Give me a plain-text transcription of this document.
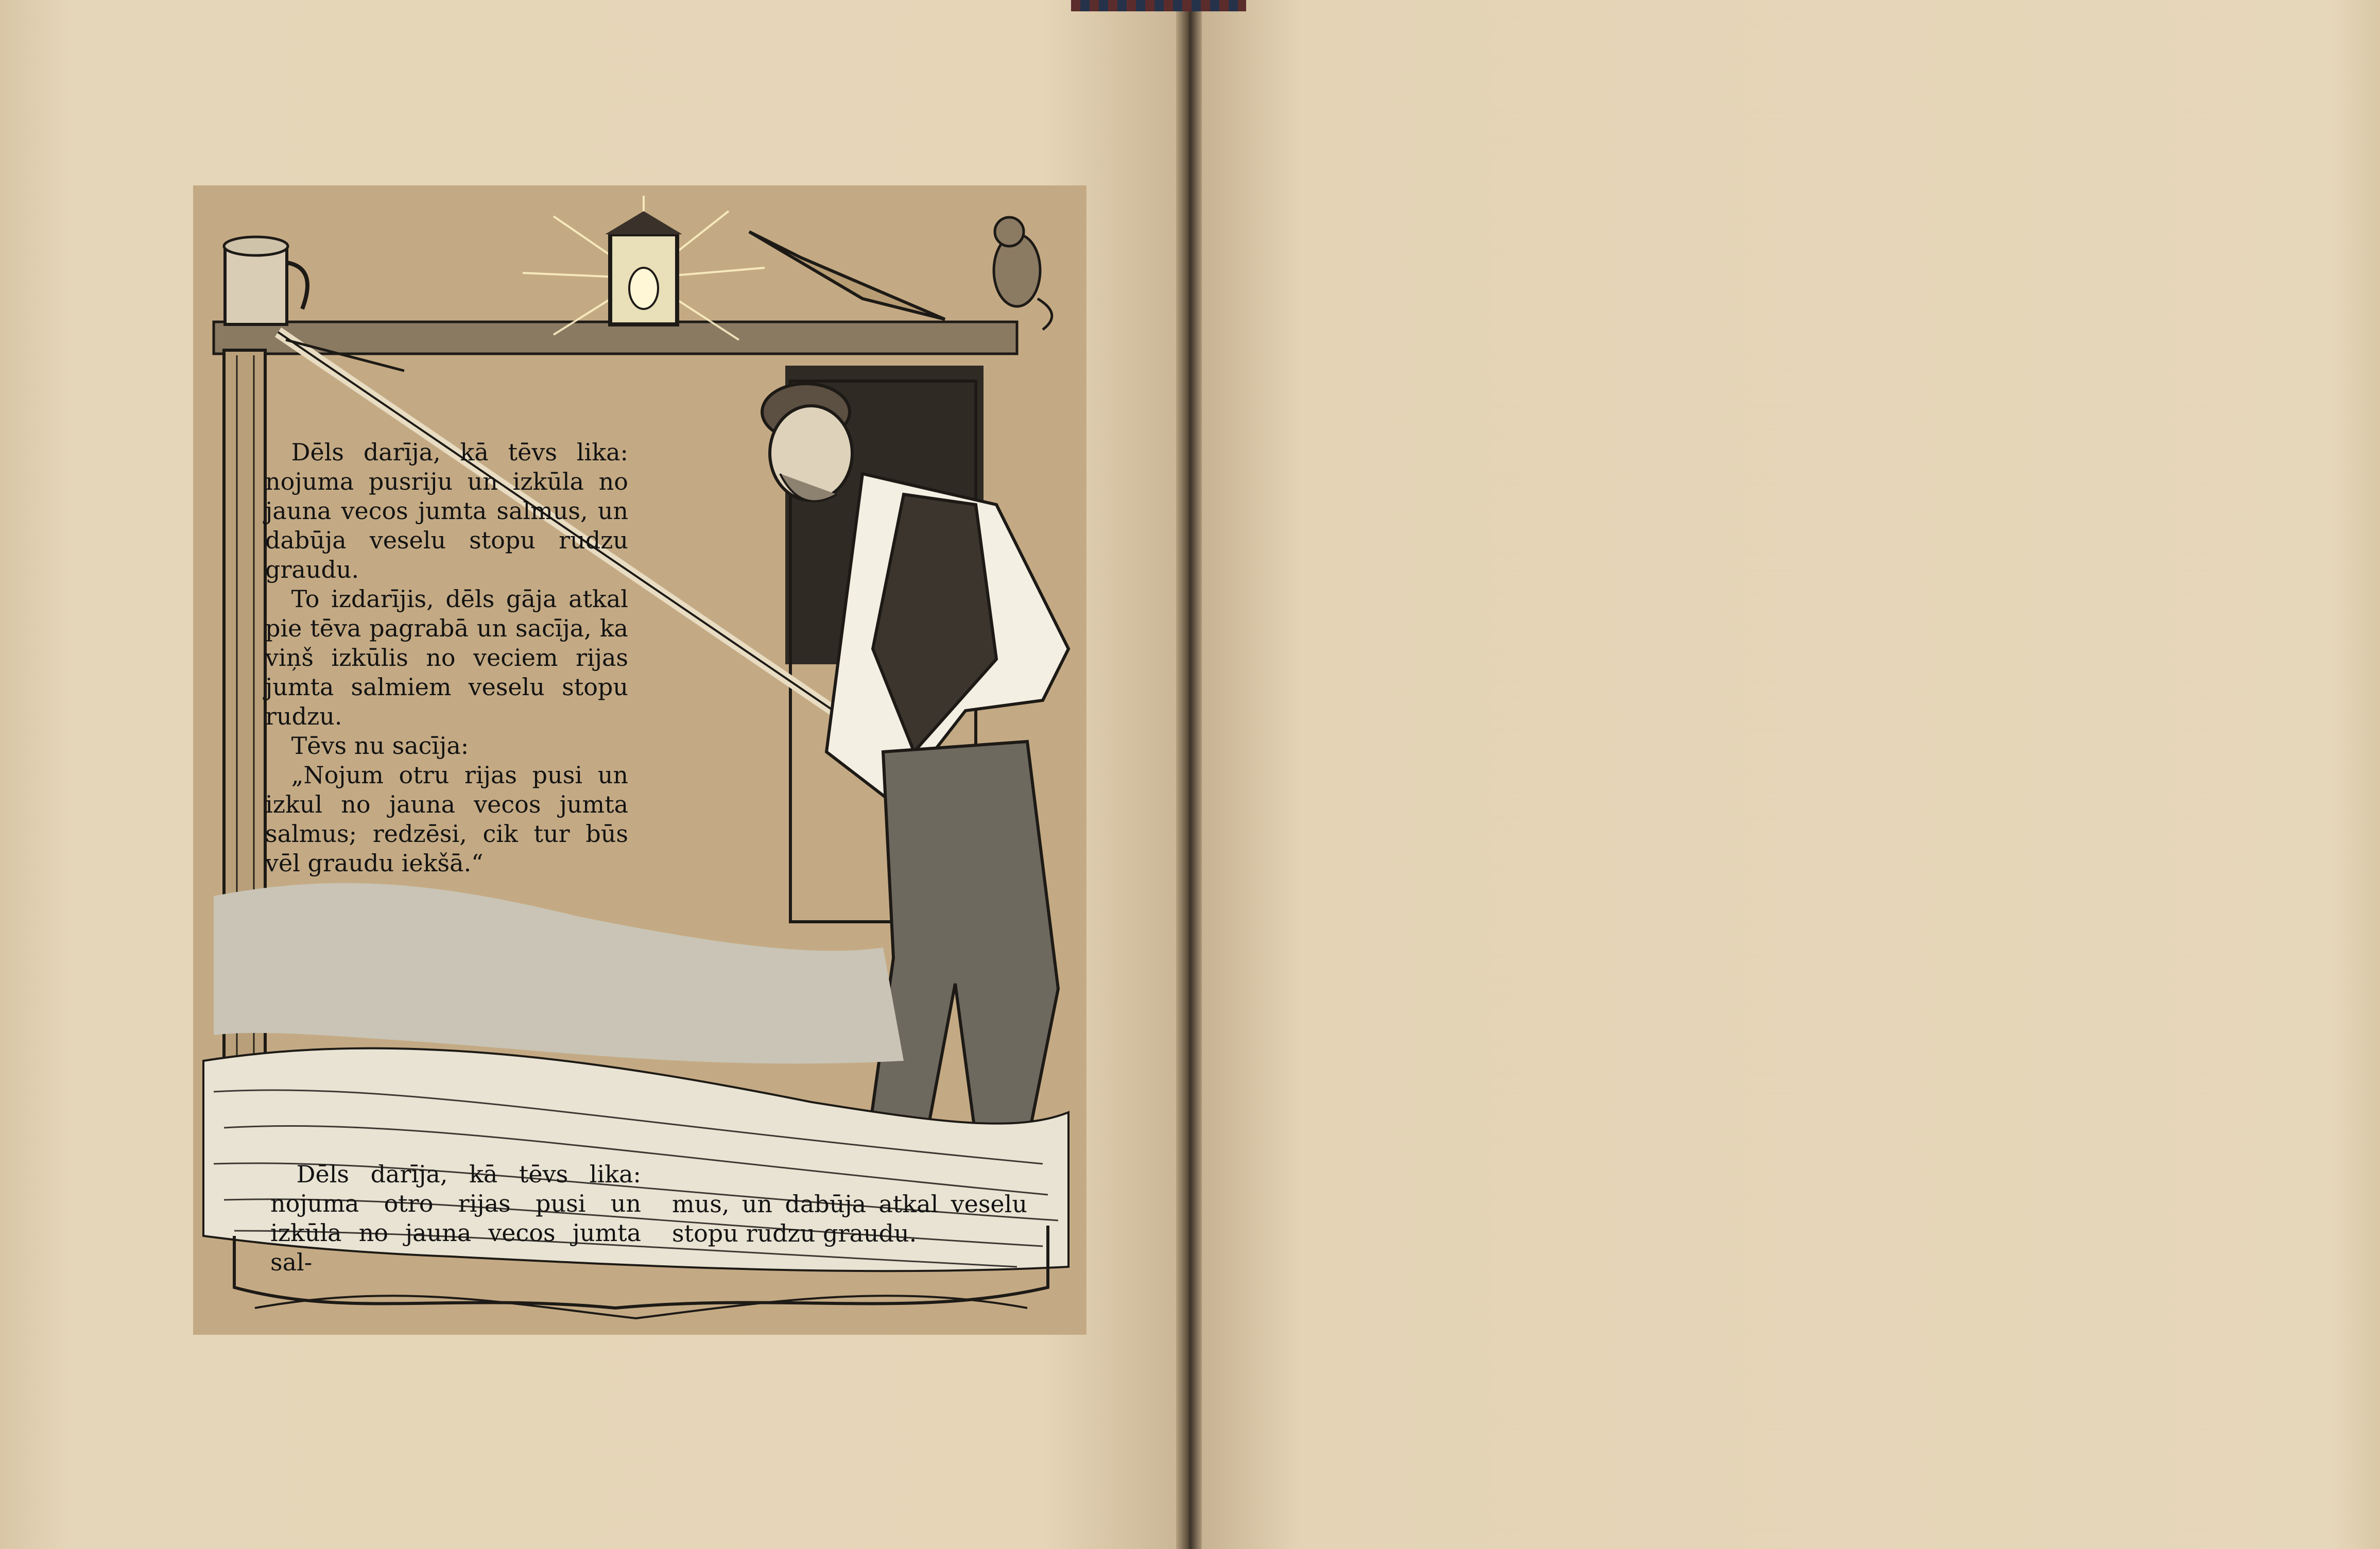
Dēls darīja, kā tēvs lika: nojuma pusriju un izkūla no jauna vecos jumta salmus, un dabūja veselu stopu rudzu graudu.

To izdarījis, dēls gāja atkal pie tēva pagrabā un sacīja, ka viņš izkūlis no veciem rijas jumta salmiem veselu stopu rudzu.

Tēvs nu sacīja:

„Nojum otru rijas pusi un izkul no jauna vecos jumta salmus; redzēsi, cik tur būs vēl graudu iekšā.“

Dēls darīja, kā tēvs lika: nojuma otro rijas pusi un izkūla no jauna vecos jumta sal-

mus, un dabūja atkal veselu stopu rudzu graudu.
